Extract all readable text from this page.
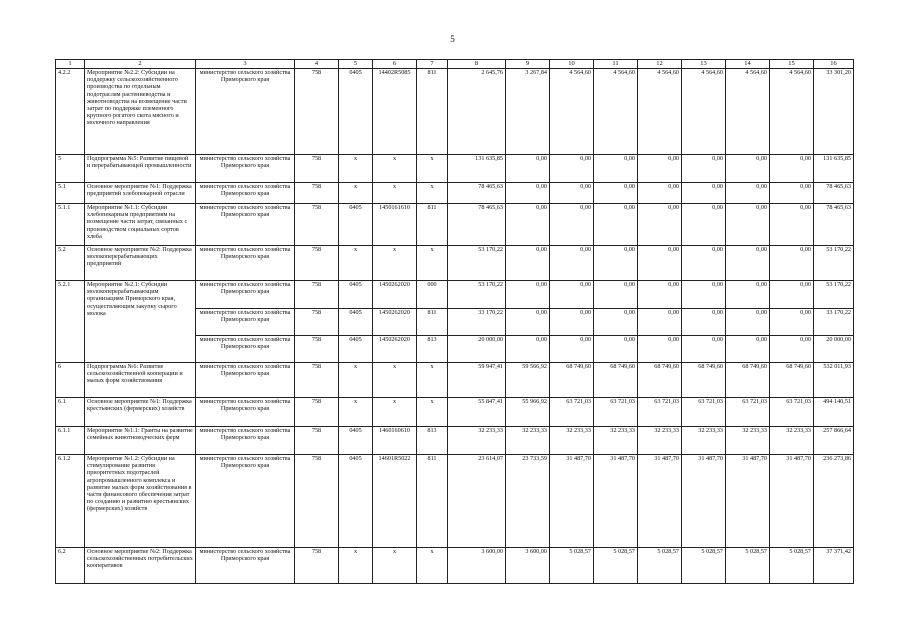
5
1	2	3	4	5	6	7	8	9	10	11	12	13	14	15	16
4.2.2	Мероприятие №2.2: Субсидии на поддержку сельскохозяйственного производства по отдельным подотраслям растениеводства и животноводства на возмещение части затрат по поддержке племенного крупного рогатого скота мясного и молочного направления	министерство сельского хозяйства Приморского края	758	0405	14402R5085	811	2 645,76	3 267,84	4 564,60	4 564,60	4 564,60	4 564,60	4 564,60	4 564,60	33 301,20
5	Подпрограмма №5: Развитие пищевой и перерабатывающей промышленности	министерство сельского хозяйства Приморского края	758	x	x	x	131 635,85	0,00	0,00	0,00	0,00	0,00	0,00	0,00	131 635,85
5.1	Основное мероприятие №1: Поддержка предприятий хлебопекарной отрасли	министерство сельского хозяйства Приморского края	758	x	x	x	78 465,63	0,00	0,00	0,00	0,00	0,00	0,00	0,00	78 465,63
5.1.1	Мероприятие №1.1: Субсидии хлебопекарным предприятиям на возмещение части затрат, связанных с производством социальных сортов хлеба	министерство сельского хозяйства Приморского края	758	0405	1450161610	811	78 465,63	0,00	0,00	0,00	0,00	0,00	0,00	0,00	78 465,63
5.2	Основное мероприятие №2: Поддержка молокоперерабатывающих предприятий	министерство сельского хозяйства Приморского края	758	x	x	x	53 170,22	0,00	0,00	0,00	0,00	0,00	0,00	0,00	53 170,22
5.2.1	Мероприятие №2.1: Субсидии молокоперерабатывающим организациям Приморского края, осуществляющим закупку сырого молока	министерство сельского хозяйства Приморского края	758	0405	1450262020	000	53 170,22	0,00	0,00	0,00	0,00	0,00	0,00	0,00	53 170,22
		министерство сельского хозяйства Приморского края	758	0405	1450262020	811	33 170,22	0,00	0,00	0,00	0,00	0,00	0,00	0,00	33 170,22
		министерство сельского хозяйства Приморского края	758	0405	1450262020	813	20 000,00	0,00	0,00	0,00	0,00	0,00	0,00	0,00	20 000,00
6	Подпрограмма №6: Развитие сельскохозяйственной кооперации и малых форм хозяйствования	министерство сельского хозяйства Приморского края	758	x	x	x	59 947,41	59 566,92	68 749,60	68 749,60	68 749,60	68 749,60	68 749,60	68 749,60	532 011,93
6.1	Основное мероприятие №1: Поддержка крестьянских (фермерских) хозяйств	министерство сельского хозяйства Приморского края	758	x	x	x	55 847,41	55 966,92	63 721,03	63 721,03	63 721,03	63 721,03	63 721,03	63 721,03	494 140,51
6.1.1	Мероприятие №1.1: Гранты на развитие семейных животноводческих ферм	министерство сельского хозяйства Приморского края	758	0405	1460160610	813	32 233,33	32 233,33	32 233,33	32 233,33	32 233,33	32 233,33	32 233,33	32 233,33	257 866,64
6.1.2	Мероприятие №1.2: Субсидии на стимулирование развития приоритетных подотраслей агропромышленного комплекса и развитие малых форм хозяйствования в части финансового обеспечения затрат по созданию и развитию крестьянских (фермерских) хозяйств	министерство сельского хозяйства Приморского края	758	0405	14601R5022	811	23 614,07	23 733,59	31 487,70	31 487,70	31 487,70	31 487,70	31 487,70	31 487,70	236 273,86
6.2	Основное мероприятие №2: Поддержка сельскохозяйственных потребительских кооперативов	министерство сельского хозяйства Приморского края	758	x	x	x	3 600,00	3 600,00	5 028,57	5 028,57	5 028,57	5 028,57	5 028,57	5 028,57	37 371,42
